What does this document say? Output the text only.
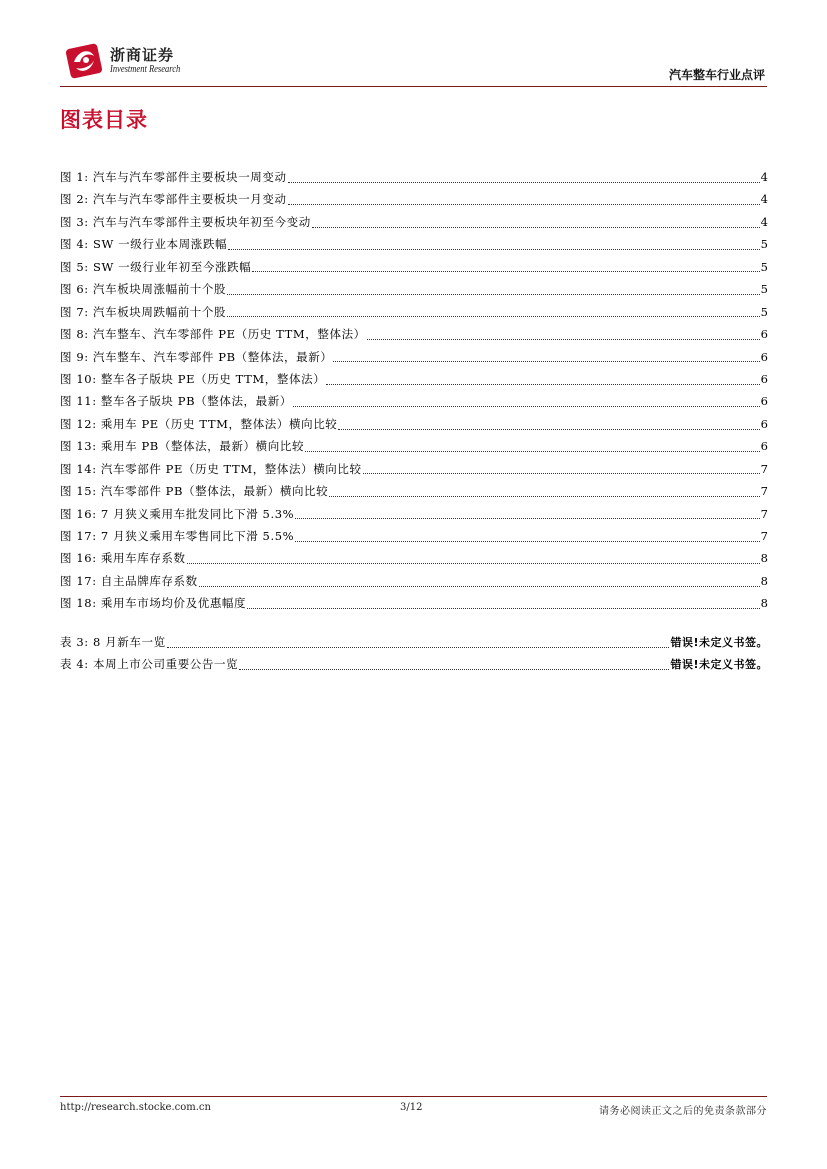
浙商证券
Investment Research	汽车整车行业点评
图表目录
图 1: 汽车与汽车零部件主要板块一周变动	4
图 2: 汽车与汽车零部件主要板块一月变动	4
图 3: 汽车与汽车零部件主要板块年初至今变动	4
图 4: SW 一级行业本周涨跌幅	5
图 5: SW 一级行业年初至今涨跌幅	5
图 6: 汽车板块周涨幅前十个股	5
图 7: 汽车板块周跌幅前十个股	5
图 8: 汽车整车、汽车零部件 PE（历史 TTM，整体法）	6
图 9: 汽车整车、汽车零部件 PB（整体法，最新）	6
图 10: 整车各子版块 PE（历史 TTM，整体法）	6
图 11: 整车各子版块 PB（整体法，最新）	6
图 12: 乘用车 PE（历史 TTM，整体法）横向比较	6
图 13: 乘用车 PB（整体法，最新）横向比较	6
图 14: 汽车零部件 PE（历史 TTM，整体法）横向比较	7
图 15: 汽车零部件 PB（整体法，最新）横向比较	7
图 16: 7 月狭义乘用车批发同比下滑 5.3%	7
图 17: 7 月狭义乘用车零售同比下滑 5.5%	7
图 16: 乘用车库存系数	8
图 17: 自主品牌库存系数	8
图 18: 乘用车市场均价及优惠幅度	8
表 3: 8 月新车一览	错误!未定义书签。
表 4: 本周上市公司重要公告一览	错误!未定义书签。
http://research.stocke.com.cn	3/12	请务必阅读正文之后的免责条款部分
